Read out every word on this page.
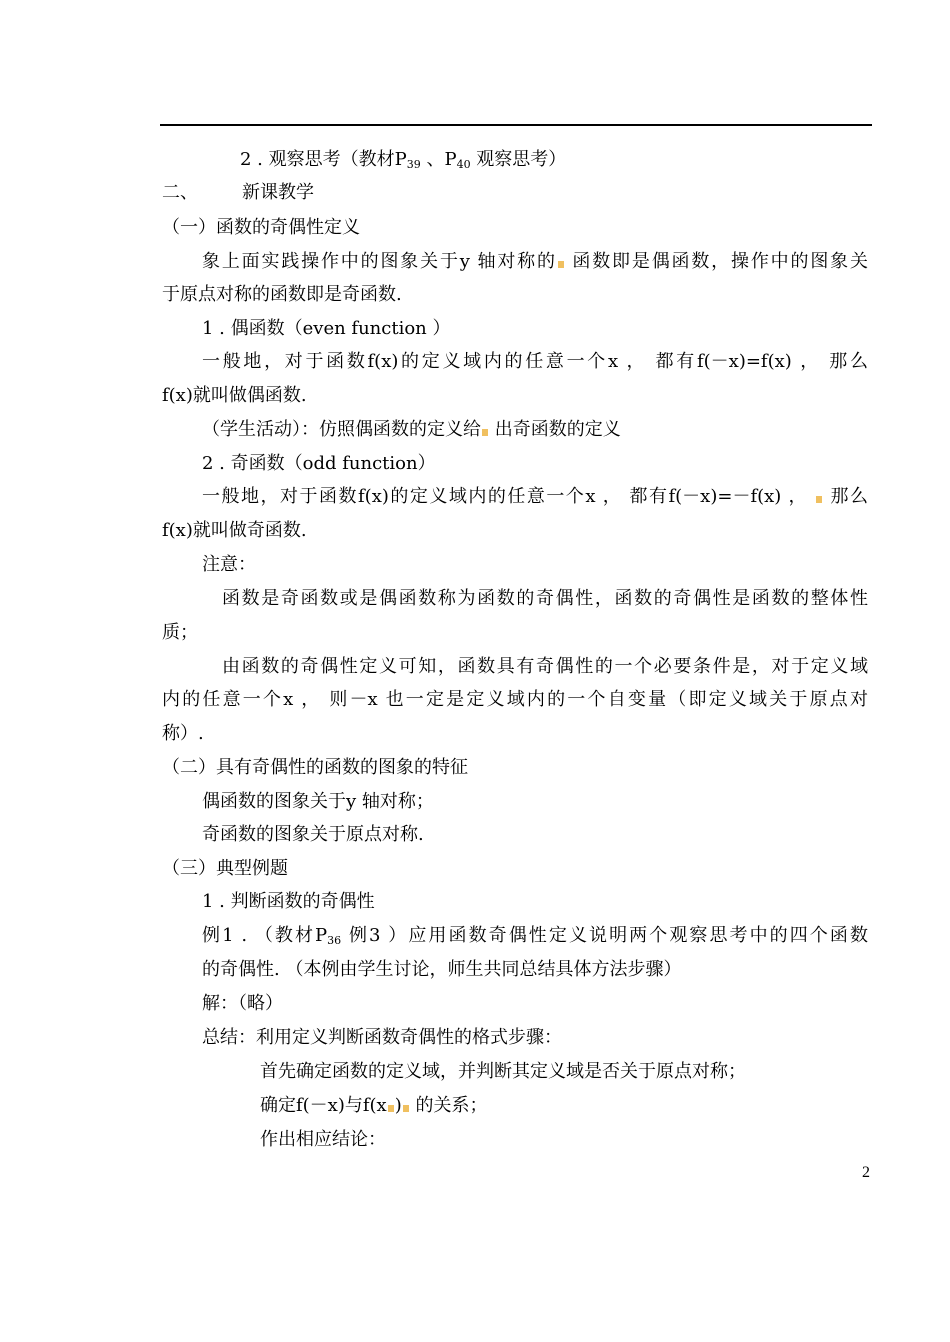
2 . 观察思考（教材$P_{39}$ 、$P_{40}$ 观察思考）
二、 新课教学
（一）函数的奇偶性定义
象上面实践操作中的图象关于y 轴对称的 函数即是偶函数，操作中的图象关
于原点对称的函数即是奇函数.
1 . 偶函数（even function ）
一般地，对于函数f(x)的定义域内的任意一个x ， 都有f(－x)=f(x) ， 那么
f(x)就叫做偶函数.
（学生活动）：仿照偶函数的定义给 出奇函数的定义
2 . 奇函数（odd function）
一般地，对于函数f(x)的定义域内的任意一个x ， 都有f(－x)=－f(x) ，  那么
f(x)就叫做奇函数.
注意：
函数是奇函数或是偶函数称为函数的奇偶性，函数的奇偶性是函数的整体性
质；
由函数的奇偶性定义可知，函数具有奇偶性的一个必要条件是，对于定义域
内的任意一个x ， 则－x 也一定是定义域内的一个自变量（即定义域关于原点对
称）.
（二）具有奇偶性的函数的图象的特征
偶函数的图象关于y 轴对称；
奇函数的图象关于原点对称.
（三）典型例题
1 . 判断函数的奇偶性
例1 . （教材$P_{36}$ 例3 ）应用函数奇偶性定义说明两个观察思考中的四个函数
的奇偶性. （本例由学生讨论，师生共同总结具体方法步骤）
解：（略）
总结：利用定义判断函数奇偶性的格式步骤：
首先确定函数的定义域，并判断其定义域是否关于原点对称；
确定f(－x)与f(x ) 的关系；
作出相应结论：
2
